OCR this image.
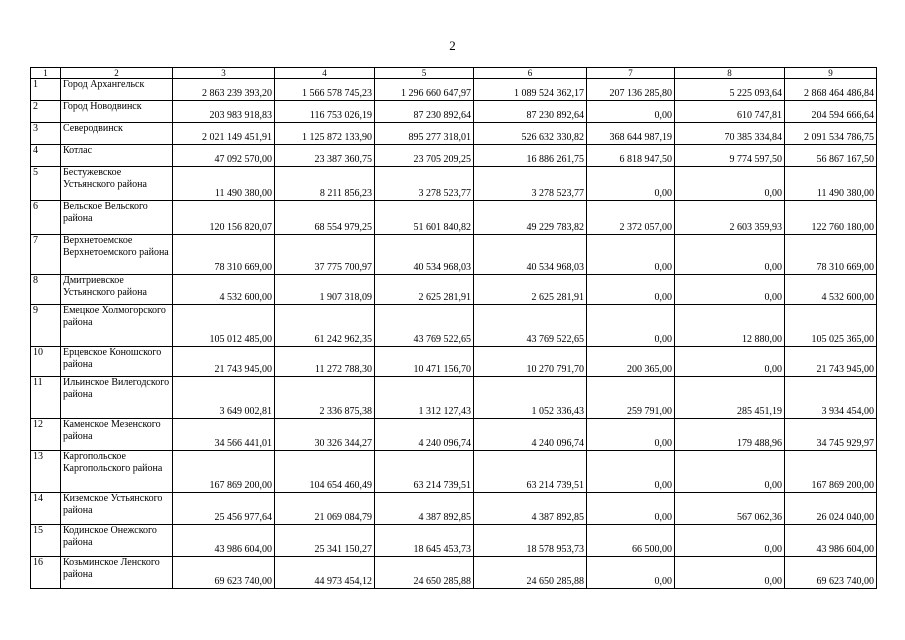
2
1	2	3	4	5	6	7	8	9
1	Город Архангельск	2 863 239 393,20	1 566 578 745,23	1 296 660 647,97	1 089 524 362,17	207 136 285,80	5 225 093,64	2 868 464 486,84
2	Город Новодвинск	203 983 918,83	116 753 026,19	87 230 892,64	87 230 892,64	0,00	610 747,81	204 594 666,64
3	Северодвинск	2 021 149 451,91	1 125 872 133,90	895 277 318,01	526 632 330,82	368 644 987,19	70 385 334,84	2 091 534 786,75
4	Котлас	47 092 570,00	23 387 360,75	23 705 209,25	16 886 261,75	6 818 947,50	9 774 597,50	56 867 167,50
5	Бестужевское Устьянского района	11 490 380,00	8 211 856,23	3 278 523,77	3 278 523,77	0,00	0,00	11 490 380,00
6	Вельское Вельского района	120 156 820,07	68 554 979,25	51 601 840,82	49 229 783,82	2 372 057,00	2 603 359,93	122 760 180,00
7	Верхнетоемское Верхнетоемского района	78 310 669,00	37 775 700,97	40 534 968,03	40 534 968,03	0,00	0,00	78 310 669,00
8	Дмитриевское Устьянского района	4 532 600,00	1 907 318,09	2 625 281,91	2 625 281,91	0,00	0,00	4 532 600,00
9	Емецкое Холмогорского района	105 012 485,00	61 242 962,35	43 769 522,65	43 769 522,65	0,00	12 880,00	105 025 365,00
10	Ерцевское Коношского района	21 743 945,00	11 272 788,30	10 471 156,70	10 270 791,70	200 365,00	0,00	21 743 945,00
11	Ильинское Вилегодского района	3 649 002,81	2 336 875,38	1 312 127,43	1 052 336,43	259 791,00	285 451,19	3 934 454,00
12	Каменское Мезенского района	34 566 441,01	30 326 344,27	4 240 096,74	4 240 096,74	0,00	179 488,96	34 745 929,97
13	Каргопольское Каргопольского района	167 869 200,00	104 654 460,49	63 214 739,51	63 214 739,51	0,00	0,00	167 869 200,00
14	Киземское Устьянского района	25 456 977,64	21 069 084,79	4 387 892,85	4 387 892,85	0,00	567 062,36	26 024 040,00
15	Кодинское Онежского района	43 986 604,00	25 341 150,27	18 645 453,73	18 578 953,73	66 500,00	0,00	43 986 604,00
16	Козьминское Ленского района	69 623 740,00	44 973 454,12	24 650 285,88	24 650 285,88	0,00	0,00	69 623 740,00
